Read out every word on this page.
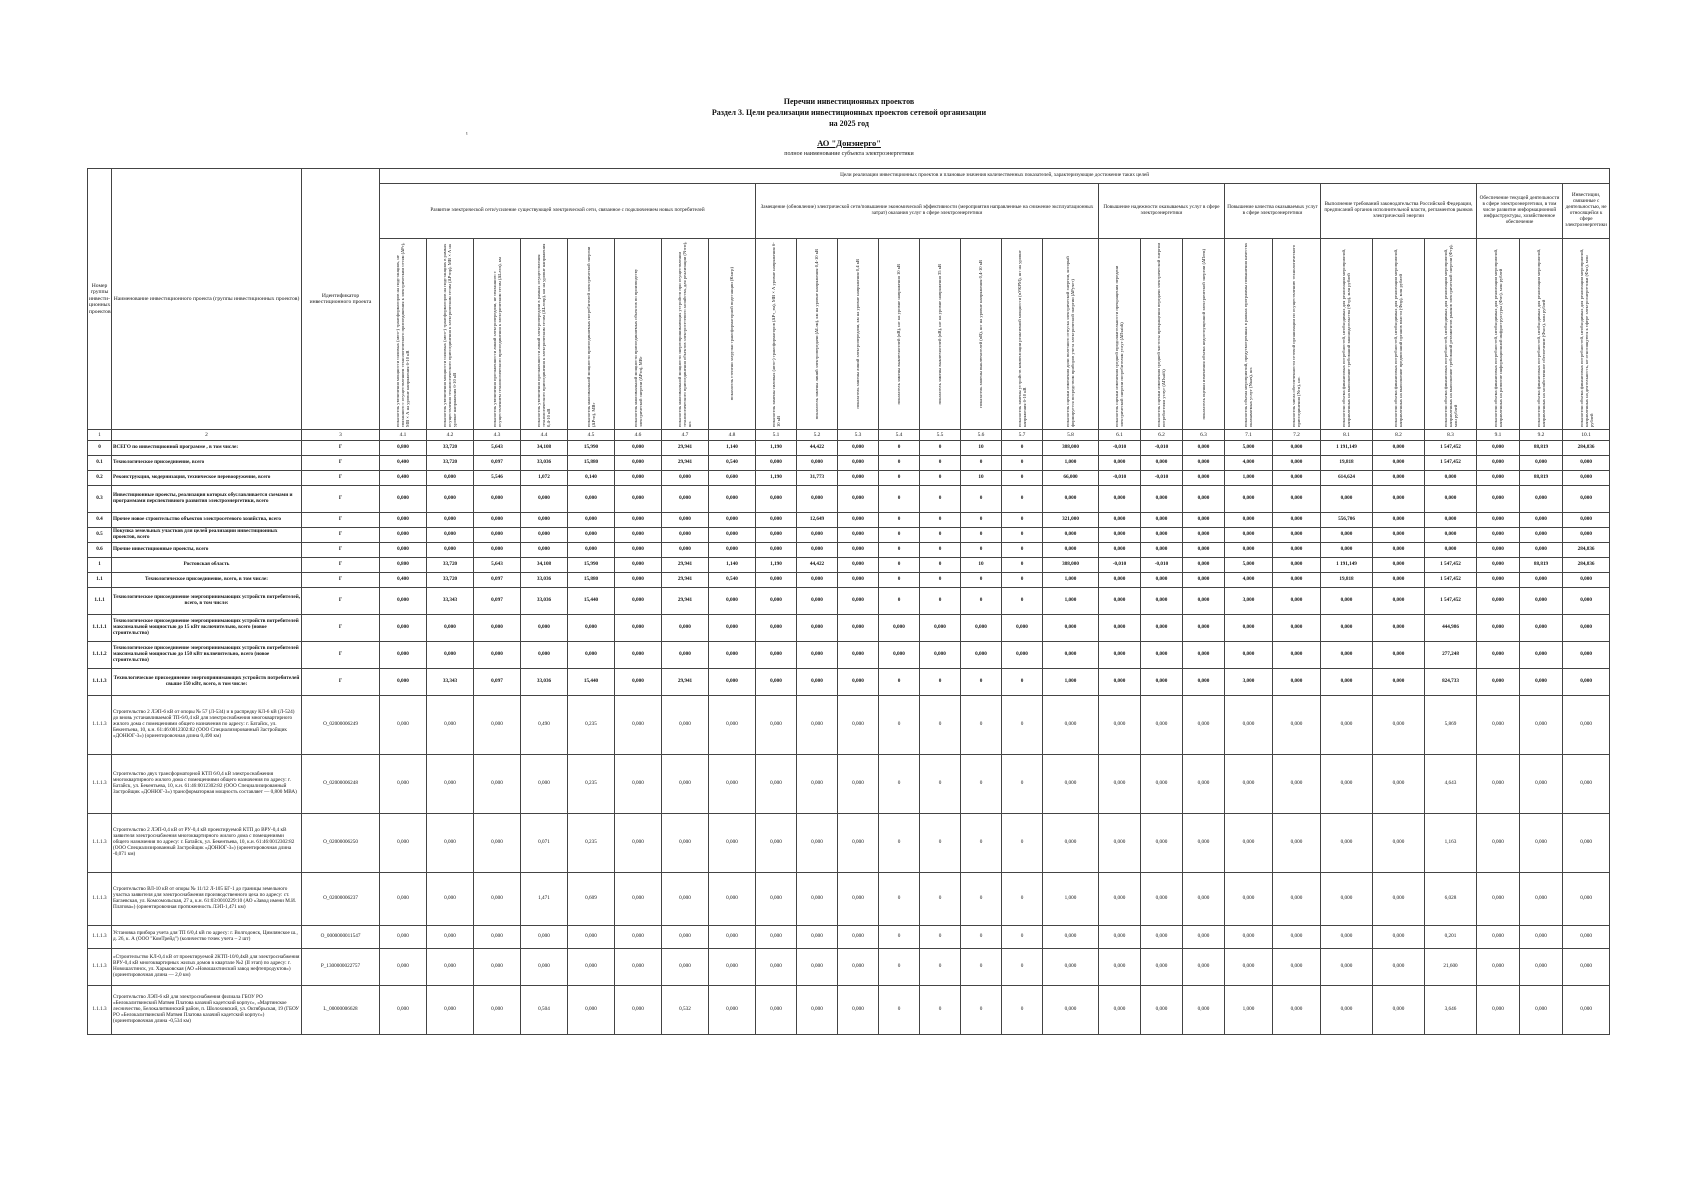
Перечни инвестиционных проектов
Раздел 3. Цели реализации инвестиционных проектов сетевой организации
на 2025 год
¹
АО "Донэнерго"
полное наименование субъекта электроэнергетики
Номер группы инвести-ционных проектов	Наименование инвестиционного проекта (группы инвестиционных проектов)	Идентификатор инвестиционного проекта	Цели реализации инвестиционных проектов и плановые значения количественных показателей, характеризующие достижение таких целей																										
			Развитие электрической сети/усиление существующей электрической сети, связанное с подключением новых потребителей								Замещение (обновление) электрической сети/повышение экономической эффективности (мероприятия направленные на снижение эксплуатационных затрат) оказания услуг в сфере электроэнергетики								Повышение надежности оказываемых услуг в сфере электроэнергетики			Повышение качества оказываемых услуг в сфере электроэнергетики		Выполнение требований законодательства Российской Федерации, предписаний органов исполнительной власти, регламентов рынков электрической энергии			Обеспечение текущей деятельности в сфере электроэнергетики, в том числе развитие информационной инфраструктуры, хозяйственное обеспечение		Инвестиции, связанные с деятельностью, не относящейся к сфере электроэнергетики

			показатель увеличения мощности силовых (авто-) трансформаторов на подстанциях, не связанного с осуществлением технологического присоединения к электрическим сетям (ΔPт), МВ×А на уровне напряжения 6-10 кВ	показатель увеличения мощности силовых (авто-) трансформаторов на подстанциях в рамках осуществления технологического присоединения к электрическим сетям (ΔPтпр), МВ×А на уровне напряжения 6-10 кВ	показатель увеличения протяженности линий электропередачи, не связанного с осуществлением технологического присоединения к электрическим сетям (ΔLлэп), км	показатель увеличения протяженности линий электропередачи в рамках осуществления технологического присоединения к электрическим сетям (ΔLлэпр), км на уровне напряжения 0,4-10 кВ	показатель максимальной мощности присоединяемых потребителей электрической энергии (ΔPтп), МВт	показатель максимальной мощности присоединяемых объектов по производству электрической энергии (ΔPэп), МВт	показатель максимальной мощности энергопринимающих устройств при осуществлении технологического присоединения объектов электросетевого хозяйства, для реализации (Nтпс), шт.	показатель степени загрузки трансформаторной подстанции (Кзагр)	показатель замены силовых (авто-) трансформаторов (ΔPт_зм), МВ×А уровне напряжения 6-10 кВ	показатель замены линий электропередачи (ΔLзм), км на уровне напряжения 0,4-10 кВ	показатель замены линий электропередачи, км на уровне напряжения 0,4 кВ	показатель замены выключателей (nВ), шт на уровне напряжения 10 кВ	показатель замены выключателей (nВ), шт на уровне напряжения 35 кВ	показатель замены выключателей (nВ), шт на уровне напряжения 0,4-10 кВ	показатель замены устройств компенсации реактивной мощности (nУКРМ), шт на уровне напряжения 6-10 кВ	показатель оценки изменения доли полезного отпуска электрической энергии, который формируется посредством приборов учета электрической энергии (ΔPучет)	показатель оценки изменения средней продолжительности прекращения передачи электрической энергии потребителям услуг (ΔПsaidi)	показатель оценки изменения средней частоты прекращения передачи электрической энергии потребителям услуг (ΔПsaifi)	показатель оценки изменения объема недоотпущенной электрической энергии (ΔПens)	показатель объема мероприятий, предусмотренных в рамках программы повышения качества оказываемых услуг (Nкач), шт.	показатель числа обеспеченности сетевой организации по осуществлению технологического присоединения (Nтп), шт.	показатели объема финансовых потребностей, необходимых для реализации мероприятий, направленных на выполнение требований законодательства (Фтр), млн рублей	показатели объема финансовых потребностей, необходимых для реализации мероприятий, направленных на выполнение предписаний органов власти (Фпр), млн рублей	показатели объема финансовых потребностей, необходимых для реализации мероприятий, направленных на выполнение требований регламентов рынков электрической энергии (Фтр), млн рублей	показатели объема финансовых потребностей, необходимых для реализации мероприятий, направленных на развитие информационной инфраструктуры (Фит), млн рублей	показатели объема финансовых потребностей, необходимых для реализации мероприятий, направленных на хозяйственное обеспечение (Фхоз), млн рублей	показатели объема финансовых потребностей, необходимых для реализации мероприятий, направленных на деятельность, не относящуюся к сфере электроэнергетики (Фнэ), млн рублей

1	2	3	4.1	4.2	4.3	4.4	4.5	4.6	4.7	4.8	5.1	5.2	5.3	5.4	5.5	5.6	5.7	5.8	6.1	6.2	6.3	7.1	7.2	8.1	8.2	8.3	9.1	9.2	10.1
0	ВСЕГО по инвестиционной программе , в том числе:	Г	0,800	33,720	5,643	34,108	15,990	0,000	29,941	1,140	1,190	44,422	0,000	0	0	10	0	388,000	-0,010	-0,010	0,000	5,000	0,000	1 191,149	0,000	1 547,452	0,000	88,819	284,836
0.1	Технологическое присоединение, всего	Г	0,400	33,720	0,097	33,036	15,880	0,000	29,941	0,540	0,000	0,000	0,000	0	0	0	0	1,000	0,000	0,000	0,000	4,000	0,000	19,818	0,000	1 547,452	0,000	0,000	0,000
0.2	Реконструкция, модернизация, техническое перевооружение, всего	Г	0,400	0,000	5,546	1,072	0,140	0,000	0,000	0,600	1,190	31,773	0,000	0	0	10	0	66,000	-0,010	-0,010	0,000	1,000	0,000	614,624	0,000	0,000	0,000	88,819	0,000
0.3	Инвестиционные проекты, реализация которых обуславливается схемами и программами перспективного развития электроэнергетики, всего	Г	0,000	0,000	0,000	0,000	0,000	0,000	0,000	0,000	0,000	0,000	0,000	0	0	0	0	0,000	0,000	0,000	0,000	0,000	0,000	0,000	0,000	0,000	0,000	0,000	0,000
0.4	Прочее новое строительство объектов электросетевого хозяйства, всего	Г	0,000	0,000	0,000	0,000	0,000	0,000	0,000	0,000	0,000	12,649	0,000	0	0	0	0	321,000	0,000	0,000	0,000	0,000	0,000	556,706	0,000	0,000	0,000	0,000	0,000
0.5	Покупка земельных участков для целей реализации инвестиционных проектов, всего	Г	0,000	0,000	0,000	0,000	0,000	0,000	0,000	0,000	0,000	0,000	0,000	0	0	0	0	0,000	0,000	0,000	0,000	0,000	0,000	0,000	0,000	0,000	0,000	0,000	0,000
0.6	Прочие инвестиционные проекты, всего	Г	0,000	0,000	0,000	0,000	0,000	0,000	0,000	0,000	0,000	0,000	0,000	0	0	0	0	0,000	0,000	0,000	0,000	0,000	0,000	0,000	0,000	0,000	0,000	0,000	284,836
1	Ростовская область	Г	0,800	33,720	5,643	34,108	15,990	0,000	29,941	1,140	1,190	44,422	0,000	0	0	10	0	388,000	-0,010	-0,010	0,000	5,000	0,000	1 191,149	0,000	1 547,452	0,000	88,819	284,836
1.1	Технологическое присоединение, всего, в том числе:	Г	0,400	33,720	0,097	33,036	15,880	0,000	29,941	0,540	0,000	0,000	0,000	0	0	0	0	1,000	0,000	0,000	0,000	4,000	0,000	19,818	0,000	1 547,452	0,000	0,000	0,000
1.1.1	Технологическое присоединение энергопринимающих устройств потребителей, всего, в том числе:	Г	0,000	33,343	0,097	33,036	15,440	0,000	29,941	0,000	0,000	0,000	0,000	0	0	0	0	1,000	0,000	0,000	0,000	3,000	0,000	0,000	0,000	1 547,452	0,000	0,000	0,000
1.1.1.1	Технологическое присоединение энергопринимающих устройств потребителей максимальной мощностью до 15 кВт включительно, всего (новое строительство)	Г	0,000	0,000	0,000	0,000	0,000	0,000	0,000	0,000	0,000	0,000	0,000	0,000	0,000	0,000	0,000	0,000	0,000	0,000	0,000	0,000	0,000	0,000	0,000	444,986	0,000	0,000	0,000
1.1.1.2	Технологическое присоединение энергопринимающих устройств потребителей максимальной мощностью до 150 кВт включительно, всего (новое строительство)	Г	0,000	0,000	0,000	0,000	0,000	0,000	0,000	0,000	0,000	0,000	0,000	0,000	0,000	0,000	0,000	0,000	0,000	0,000	0,000	0,000	0,000	0,000	0,000	277,248	0,000	0,000	0,000
1.1.1.3	Технологическое присоединение энергопринимающих устройств потребителей свыше 150 кВт, всего, в том числе:	Г	0,000	33,343	0,097	33,036	15,440	0,000	29,941	0,000	0,000	0,000	0,000	0	0	0	0	1,000	0,000	0,000	0,000	3,000	0,000	0,000	0,000	824,733	0,000	0,000	0,000
1.1.1.3	Строительство 2 ЛЭП-6 кВ от опоры № 57 (Л-534) и в распредку КЛ-6 кВ (Л-524) до вновь устанавливаемой ТП-6/0,4 кВ для электроснабжения многоквартирного жилого дома с помещениями общего назначения по адресу: г. Батайск, ул. Бекентьева, 10, к.н. 61:46:0012302:82 (ООО Специализированный Застройщик «ДОНЮГ-3») (ориентировочная длина 0,490 км)	О_02000006249	0,000	0,000	0,000	0,490	0,235	0,000	0,000	0,000	0,000	0,000	0,000	0	0	0	0	0,000	0,000	0,000	0,000	0,000	0,000	0,000	0,000	5,869	0,000	0,000	0,000
1.1.1.3	Строительство двух трансформаторной КТП 6/0,4 кВ электроснабжения многоквартирного жилого дома с помещениями общего назначения по адресу: г. Батайск, ул. Бекентьева, 10, к.н. 61:46:0012302:82 (ООО Специализированный Застройщик «ДОНЮГ-3») трансформаторная мощность составляет — 0,800 МВА)	О_02000006248	0,000	0,000	0,000	0,000	0,235	0,000	0,000	0,000	0,000	0,000	0,000	0	0	0	0	0,000	0,000	0,000	0,000	0,000	0,000	0,000	0,000	4,643	0,000	0,000	0,000
1.1.1.3	Строительство 2 ЛЭП-0,4 кВ от РУ-0,4 кВ проектируемой КТП до ВРУ-0,4 кВ заявителя электроснабжения многоквартирного жилого дома с помещениями общего назначения по адресу: г. Батайск, ул. Бекентьева, 10, к.н. 61:46:0012302:82 (ООО Специализированный Застройщик «ДОНЮГ-3») (ориентировочная длина -0,071 км)	О_02000006250	0,000	0,000	0,000	0,071	0,235	0,000	0,000	0,000	0,000	0,000	0,000	0	0	0	0	0,000	0,000	0,000	0,000	0,000	0,000	0,000	0,000	1,163	0,000	0,000	0,000
1.1.1.3	Строительство ВЛ-10 кВ от опоры № 11/12 Л-105 БГ-1 до границы земельного участка заявителя для электроснабжения производственного цеха по адресу: ст. Багаевская, ул. Комсомольская, 27 а, к.н. 61:03:0010229:10 (АО «Завод имени М.И. Платова») (ориентировочная протяженность ЛЭП-1,471 км)	О_02000006237	0,000	0,000	0,000	1,471	0,609	0,000	0,000	0,000	0,000	0,000	0,000	0	0	0	0	1,000	0,000	0,000	0,000	0,000	0,000	0,000	0,000	6,028	0,000	0,000	0,000
1.1.1.3	Установка прибора учета для ТП 6/0,4 кВ по адресу: г. Волгодонск, Цимлянское ш., д. 26, к. А (ООО "КомТрейд") (количество точек учета – 2 шт)	О_0000000011547	0,000	0,000	0,000	0,000	0,000	0,000	0,000	0,000	0,000	0,000	0,000	0	0	0	0	0,000	0,000	0,000	0,000	0,000	0,000	0,000	0,000	0,201	0,000	0,000	0,000
1.1.1.3	«Строительство КЛ-0,4 кВ от проектируемой 2КТП-10/0,4кВ для электроснабжения ВРУ-0,4 кВ многоквартирных жилых домов в квартале №2 (II этап) по адресу: г. Новошахтинск, ул. Харьковская (АО «Новошахтинский завод нефтепродуктов») (ориентировочная длина — 2,0 км)	Р_1300000022757	0,000	0,000	0,000	0,000	0,000	0,000	0,000	0,000	0,000	0,000	0,000	0	0	0	0	0,000	0,000	0,000	0,000	0,000	0,000	0,000	0,000	21,600	0,000	0,000	0,000
1.1.1.3	Строительство ЛЭП-6 кВ для электроснабжения филиала ГБОУ РО «Белокалитвинский Матвея Платова казачий кадетский корпус», «Мартинское лесничество, Белокалитвинский район, п. Шолоховский, ул. Октябрьская, 19 (ГБОУ РО «Белокалитвинский Матвея Платова казачий кадетский корпус») (ориентировочная длина -0,534 км)	L_00000006628	0,000	0,000	0,000	0,504	0,000	0,000	0,532	0,000	0,000	0,000	0,000	0	0	0	0	0,000	0,000	0,000	0,000	1,000	0,000	0,000	0,000	3,646	0,000	0,000	0,000
